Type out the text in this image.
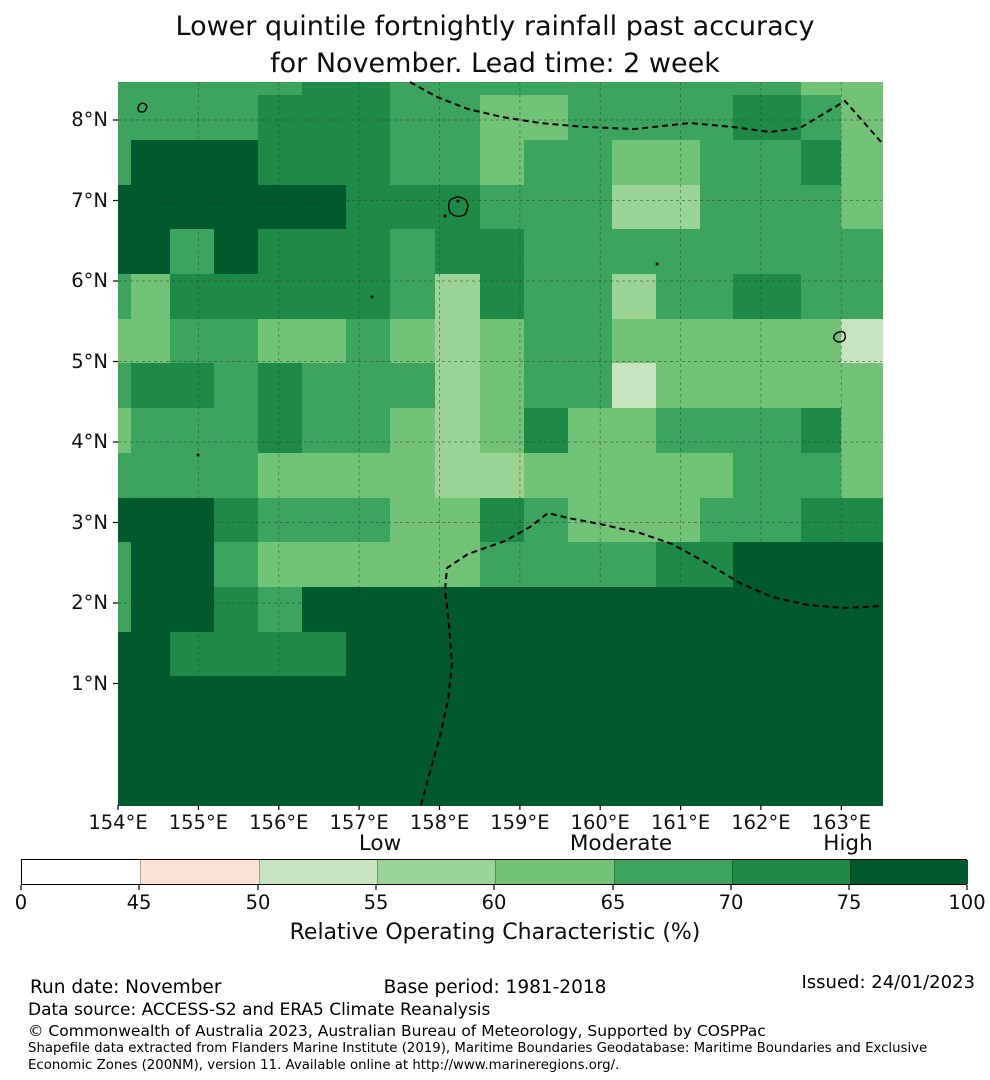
Lower quintile fortnightly rainfall past accuracy
for November. Lead time: 2 week
8°N
7°N
6°N
5°N
4°N
3°N
2°N
1°N
154°E	155°E	156°E	157°E	158°E	159°E	160°E	161°E	162°E	163°E
Low	Moderate	High
0	45	50	55	60	65	70	75	100
Relative Operating Characteristic (%)
Run date: November	Base period: 1981-2018	Issued: 24/01/2023
Data source: ACCESS-S2 and ERA5 Climate Reanalysis
© Commonwealth of Australia 2023, Australian Bureau of Meteorology, Supported by COSPPac
Shapefile data extracted from Flanders Marine Institute (2019), Maritime Boundaries Geodatabase: Maritime Boundaries and Exclusive Economic Zones (200NM), version 11. Available online at http://www.marineregions.org/.
